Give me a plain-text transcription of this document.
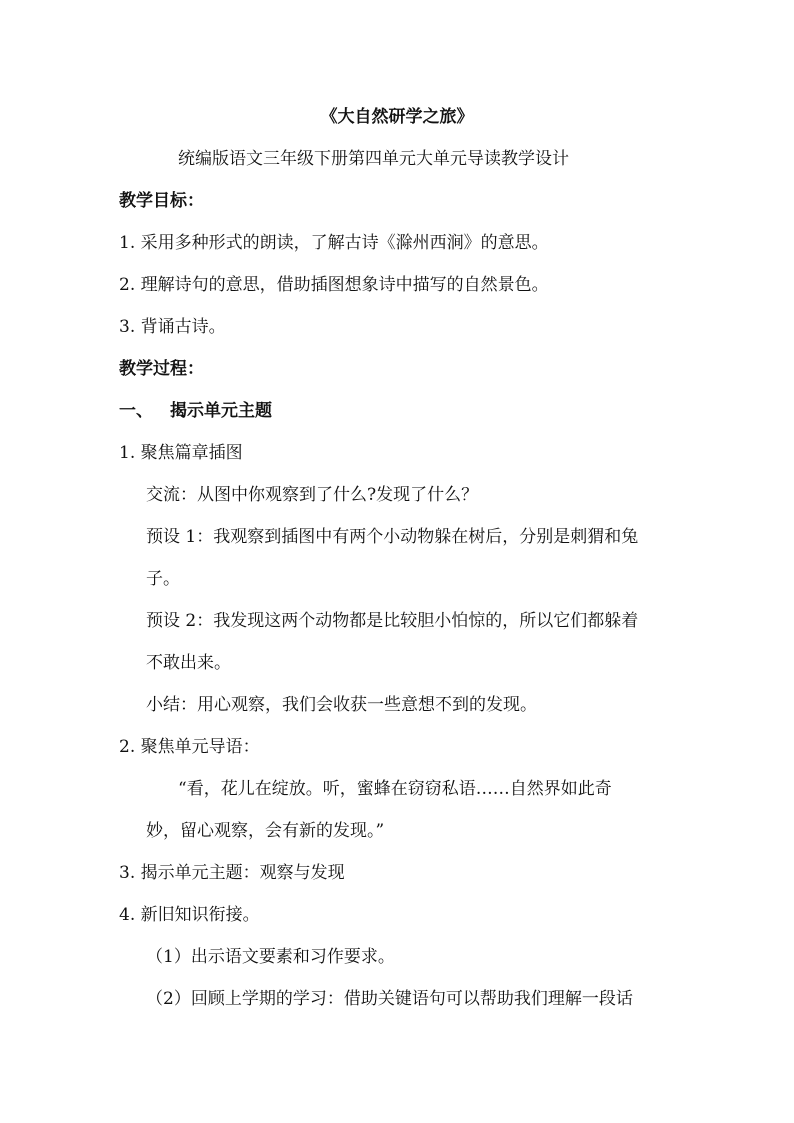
《大自然研学之旅》
统编版语文三年级下册第四单元大单元导读教学设计
教学目标：
1. 采用多种形式的朗读，了解古诗《滁州西涧》的意思。
2. 理解诗句的意思，借助插图想象诗中描写的自然景色。
3. 背诵古诗。
教学过程：
一、 揭示单元主题
1. 聚焦篇章插图
交流：从图中你观察到了什么?发现了什么？
预设 1：我观察到插图中有两个小动物躲在树后，分别是刺猬和兔
子。
预设 2：我发现这两个动物都是比较胆小怕惊的，所以它们都躲着
不敢出来。
小结：用心观察，我们会收获一些意想不到的发现。
2. 聚焦单元导语：
“看，花儿在绽放。听，蜜蜂在窃窃私语……自然界如此奇
妙，留心观察，会有新的发现。”
3. 揭示单元主题：观察与发现
4. 新旧知识衔接。
（1）出示语文要素和习作要求。
（2）回顾上学期的学习：借助关键语句可以帮助我们理解一段话
